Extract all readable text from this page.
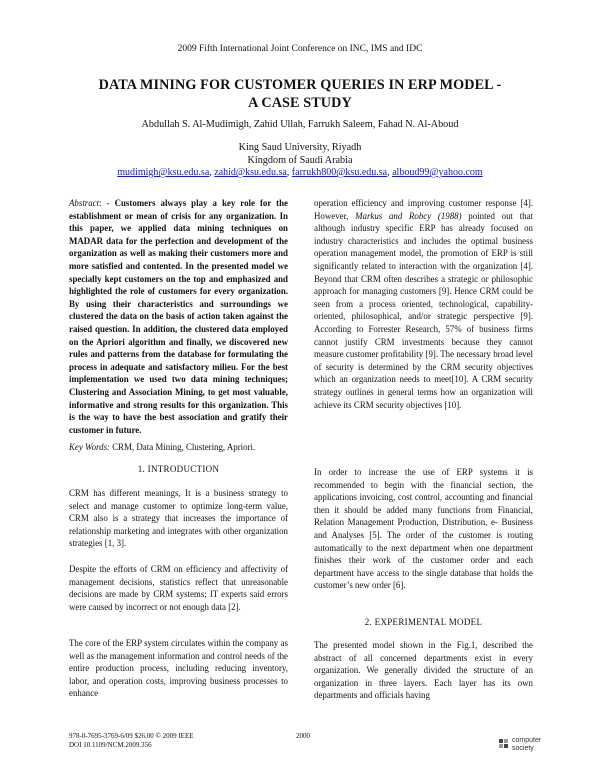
2009 Fifth International Joint Conference on INC, IMS and IDC
DATA MINING FOR CUSTOMER QUERIES IN ERP MODEL -
A CASE STUDY
Abdullah S. Al-Mudimigh, Zahid Ullah, Farrukh Saleem, Fahad N. Al-Aboud
King Saud University, Riyadh
Kingdom of Saudi Arabia
mudimigh@ksu.edu.sa, zahid@ksu.edu.sa, farrukh800@ksu.edu.sa, alboud99@yahoo.com
Abstract: - Customers always play a key role for the establishment or mean of crisis for any organization. In this paper, we applied data mining techniques on MADAR data for the perfection and development of the organization as well as making their customers more and more satisfied and contented. In the presented model we specially kept customers on the top and emphasized and highlighted the role of customers for every organization. By using their characteristics and surroundings we clustered the data on the basis of action taken against the raised question. In addition, the clustered data employed on the Apriori algorithm and finally, we discovered new rules and patterns from the database for formulating the process in adequate and satisfactory milieu. For the best implementation we used two data mining techniques; Clustering and Association Mining, to get most valuable, informative and strong results for this organization. This is the way to have the best association and gratify their customer in future.
Key Words: CRM, Data Mining, Clustering, Apriori.
1. INTRODUCTION
CRM has different meanings, It is a business strategy to select and manage customer to optimize long-term value, CRM also is a strategy that increases the importance of relationship marketing and integrates with other organization strategies [1, 3].
Despite the efforts of CRM on efficiency and affectivity of management decisions, statistics reflect that unreasonable decisions are made by CRM systems; IT experts said errors were caused by incorrect or not enough data [2].
The core of the ERP system circulates within the company as well as the management information and control needs of the entire production process, including reducing inventory, labor, and operation costs, improving business processes to enhance
operation efficiency and improving customer response [4]. However, Markus and Robcy (1988) pointed out that although industry specific ERP has already focused on industry characteristics and includes the optimal business operation management model, the promotion of ERP is still significantly related to interaction with the organization [4]. Beyond that CRM often describes a strategic or philosophic approach for managing customers [9]. Hence CRM could be seen from a process oriented, technological, capability-oriented, philosophical, and/or strategic perspective [9]. According to Forrester Research, 57% of business firms cannot justify CRM investments because they cannot measure customer profitability [9]. The necessary broad level of security is determined by the CRM security objectives which an organization needs to meet[10]. A CRM security strategy outlines in general terms how an organization will achieve its CRM security objectives [10].
In order to increase the use of ERP systems it is recommended to begin with the financial section, the applications invoicing, cost control, accounting and financial then it should be added many functions from Financial, Relation Management Production, Distribution, e- Business and Analyses [5]. The order of the customer is routing automatically to the next department when one department finishes their work of the customer order and each department have access to the single database that holds the customer’s new order [6].
2. EXPERIMENTAL MODEL
The presented model shown in the Fig.1, described the abstract of all concerned departments exist in every organization. We generally divided the structure of an organization in three layers. Each layer has its own departments and officials having
978-0-7695-3769-6/09 $26.00 © 2009 IEEE
DOI 10.1109/NCM.2009.356
2000
computer
society
